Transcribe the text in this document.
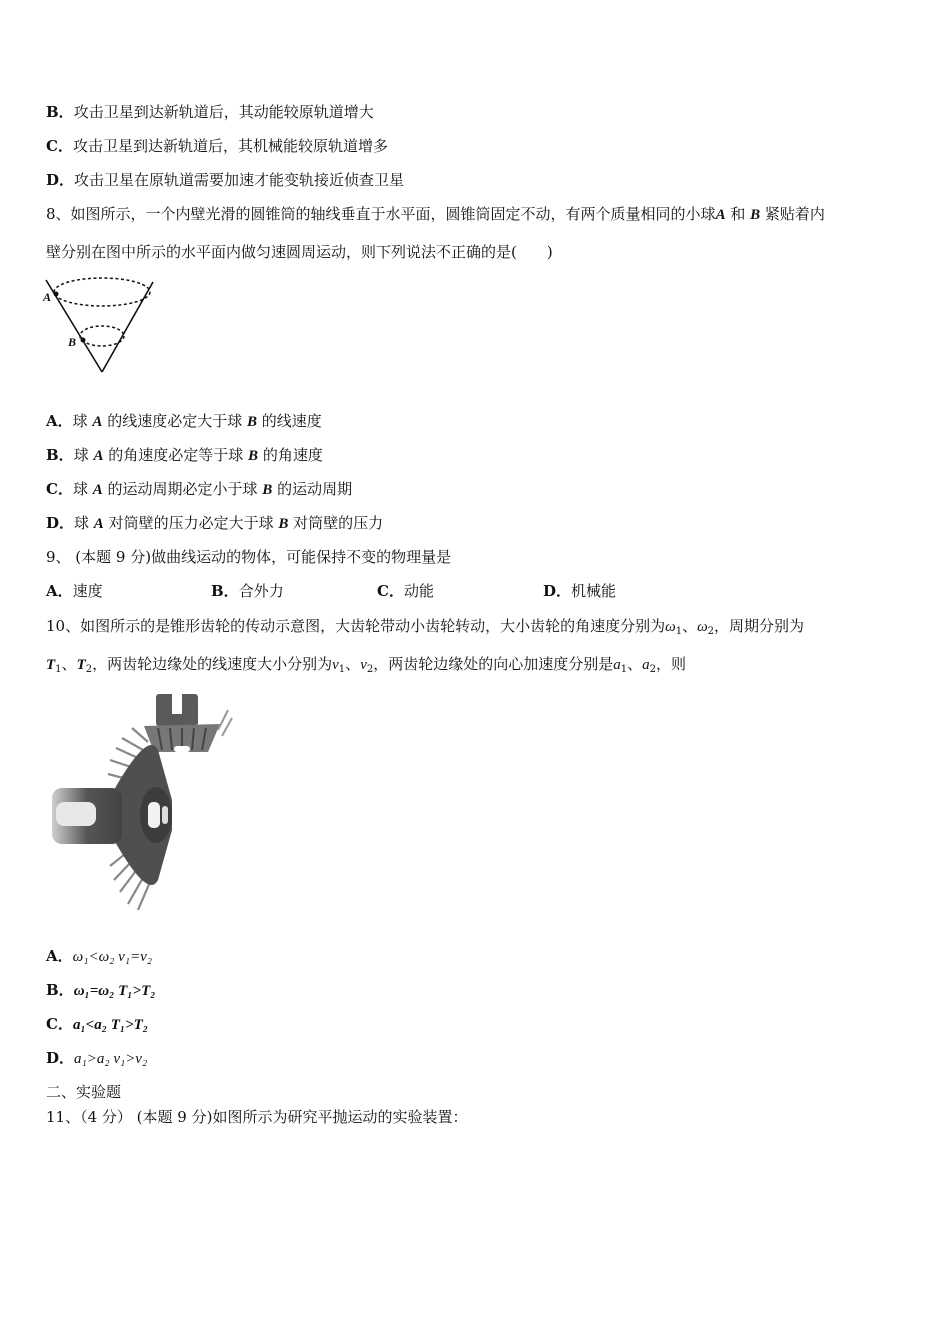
B．攻击卫星到达新轨道后，其动能较原轨道增大
C．攻击卫星到达新轨道后，其机械能较原轨道增多
D．攻击卫星在原轨道需要加速才能变轨接近侦查卫星
8、如图所示，一个内壁光滑的圆锥筒的轴线垂直于水平面，圆锥筒固定不动，有两个质量相同的小球A 和 B 紧贴着内
壁分别在图中所示的水平面内做匀速圆周运动，则下列说法不正确的是(　　)
A
B
A．球 A 的线速度必定大于球 B 的线速度
B．球 A 的角速度必定等于球 B 的角速度
C．球 A 的运动周期必定小于球 B 的运动周期
D．球 A 对筒壁的压力必定大于球 B 对筒壁的压力
9、 (本题 9 分)做曲线运动的物体，可能保持不变的物理量是
A．速度	B．合外力	C．动能	D．机械能
10、如图所示的是锥形齿轮的传动示意图，大齿轮带动小齿轮转动，大小齿轮的角速度分别为$\omega_1$、$\omega_2$，周期分别为
$T_1$、$T_2$，两齿轮边缘处的线速度大小分别为$v_1$、$v_2$，两齿轮边缘处的向心加速度分别是$a_1$、$a_2$，则
A．ω₁<ω₂ v₁=v₂
B．ω₁=ω₂ T₁>T₂
C．a₁<a₂ T₁>T₂
D．a₁>a₂ v₁>v₂
二、实验题
11、（4 分） (本题 9 分)如图所示为研究平抛运动的实验装置：
